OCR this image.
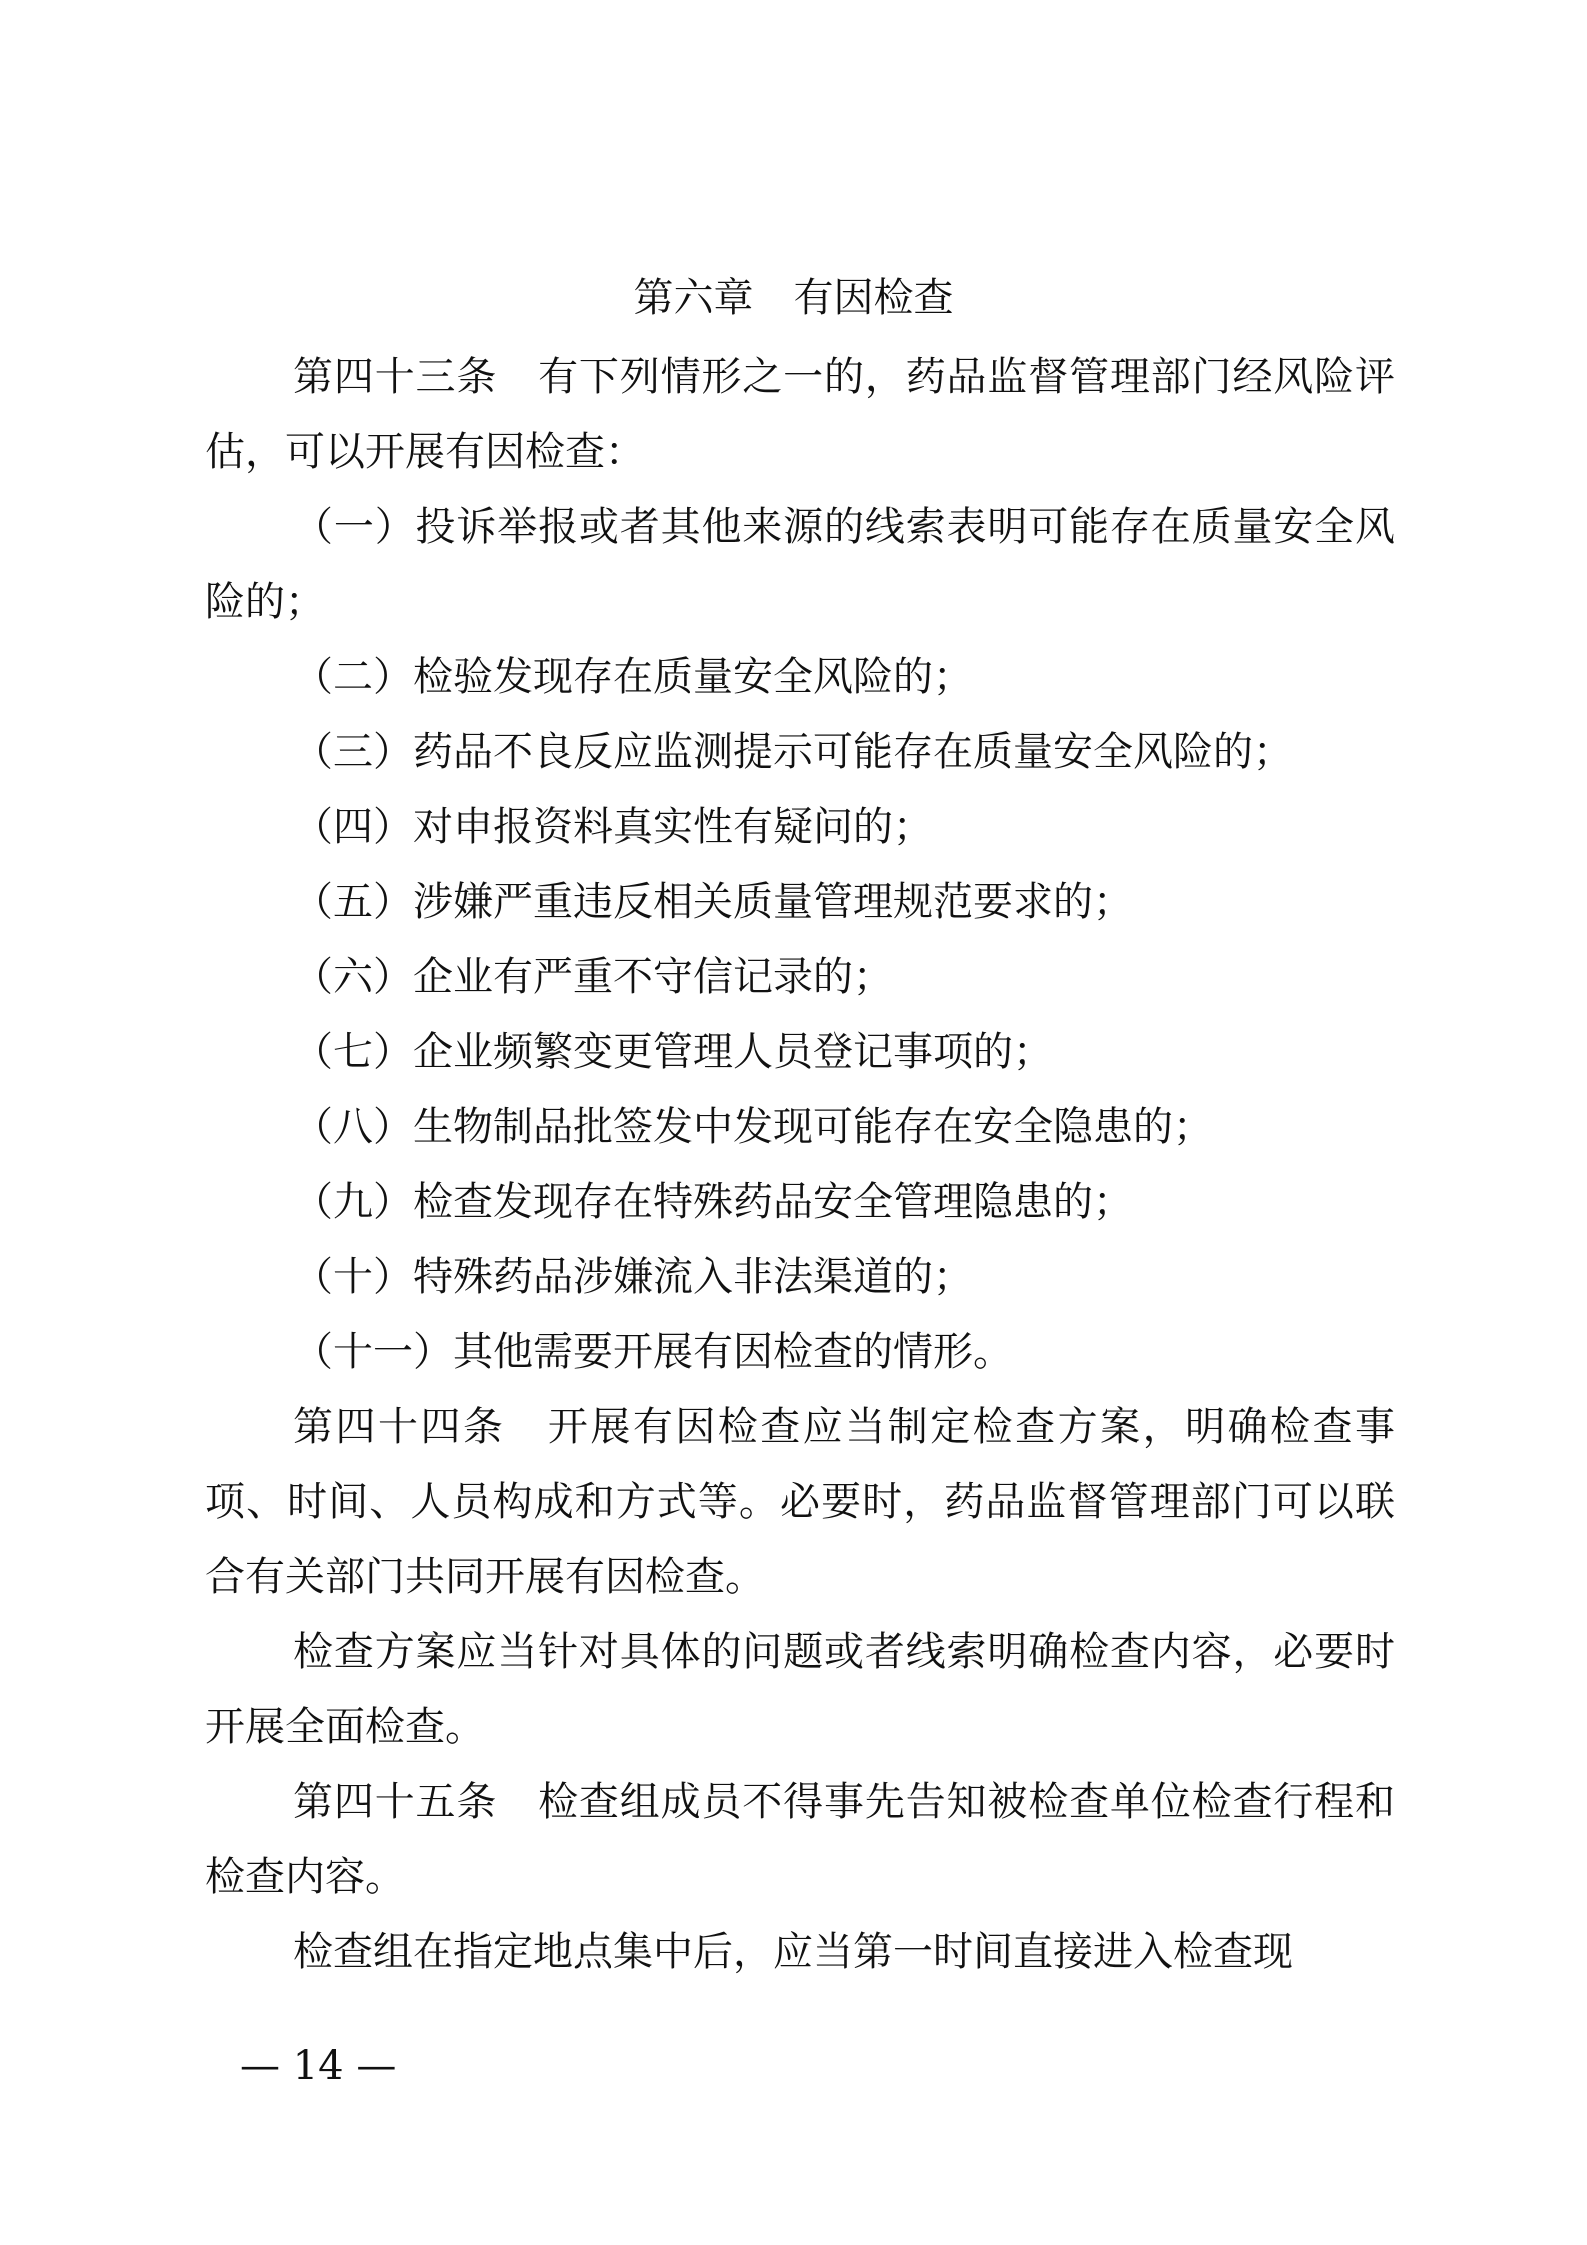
第六章　有因检查

第四十三条　有下列情形之一的，药品监督管理部门经风险评估，可以开展有因检查：

（一）投诉举报或者其他来源的线索表明可能存在质量安全风险的；

（二）检验发现存在质量安全风险的；

（三）药品不良反应监测提示可能存在质量安全风险的；

（四）对申报资料真实性有疑问的；

（五）涉嫌严重违反相关质量管理规范要求的；

（六）企业有严重不守信记录的；

（七）企业频繁变更管理人员登记事项的；

（八）生物制品批签发中发现可能存在安全隐患的；

（九）检查发现存在特殊药品安全管理隐患的；

（十）特殊药品涉嫌流入非法渠道的；

（十一）其他需要开展有因检查的情形。

第四十四条　开展有因检查应当制定检查方案，明确检查事项、时间、人员构成和方式等。必要时，药品监督管理部门可以联合有关部门共同开展有因检查。

检查方案应当针对具体的问题或者线索明确检查内容，必要时开展全面检查。

第四十五条　检查组成员不得事先告知被检查单位检查行程和检查内容。

检查组在指定地点集中后，应当第一时间直接进入检查现

— 14 —
